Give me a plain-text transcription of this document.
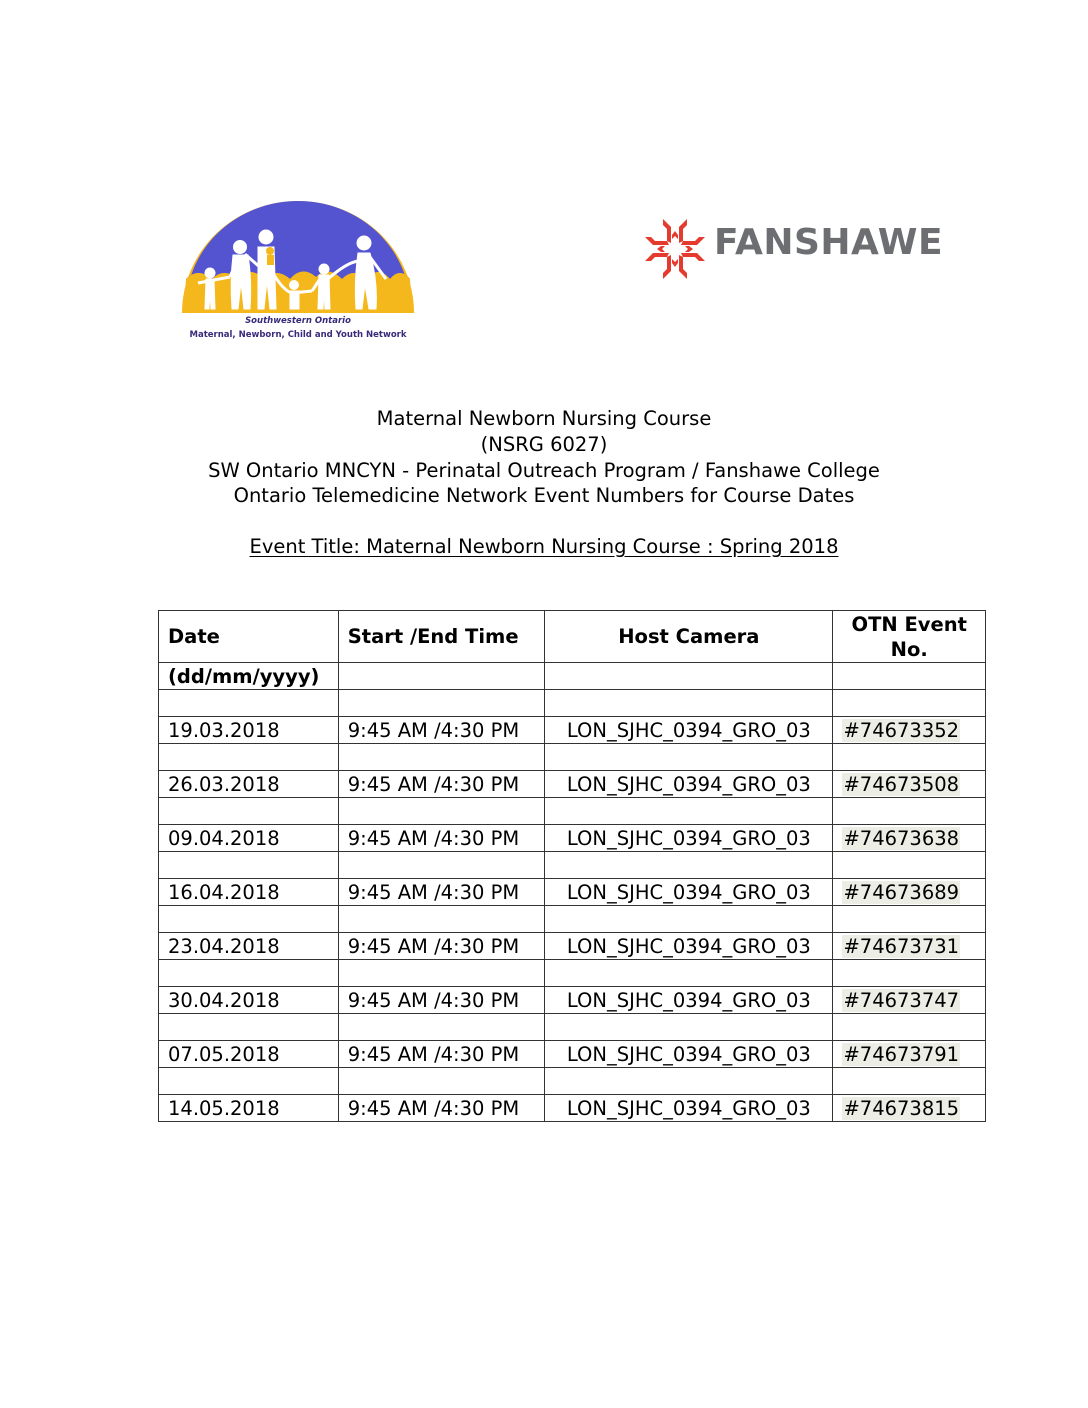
Southwestern Ontario
Maternal, Newborn, Child and Youth Network
FANSHAWE
Maternal Newborn Nursing Course
(NSRG 6027)
SW Ontario MNCYN - Perinatal Outreach Program / Fanshawe College
Ontario Telemedicine Network Event Numbers for Course Dates
Event Title: Maternal Newborn Nursing Course : Spring 2018
Date	Start /End Time	Host Camera	OTN Event
No.

(dd/mm/yyyy)			

19.03.2018	9:45 AM /4:30 PM	LON_SJHC_0394_GRO_03	#74673352

26.03.2018	9:45 AM /4:30 PM	LON_SJHC_0394_GRO_03	#74673508

09.04.2018	9:45 AM /4:30 PM	LON_SJHC_0394_GRO_03	#74673638

16.04.2018	9:45 AM /4:30 PM	LON_SJHC_0394_GRO_03	#74673689

23.04.2018	9:45 AM /4:30 PM	LON_SJHC_0394_GRO_03	#74673731

30.04.2018	9:45 AM /4:30 PM	LON_SJHC_0394_GRO_03	#74673747

07.05.2018	9:45 AM /4:30 PM	LON_SJHC_0394_GRO_03	#74673791

14.05.2018	9:45 AM /4:30 PM	LON_SJHC_0394_GRO_03	#74673815
